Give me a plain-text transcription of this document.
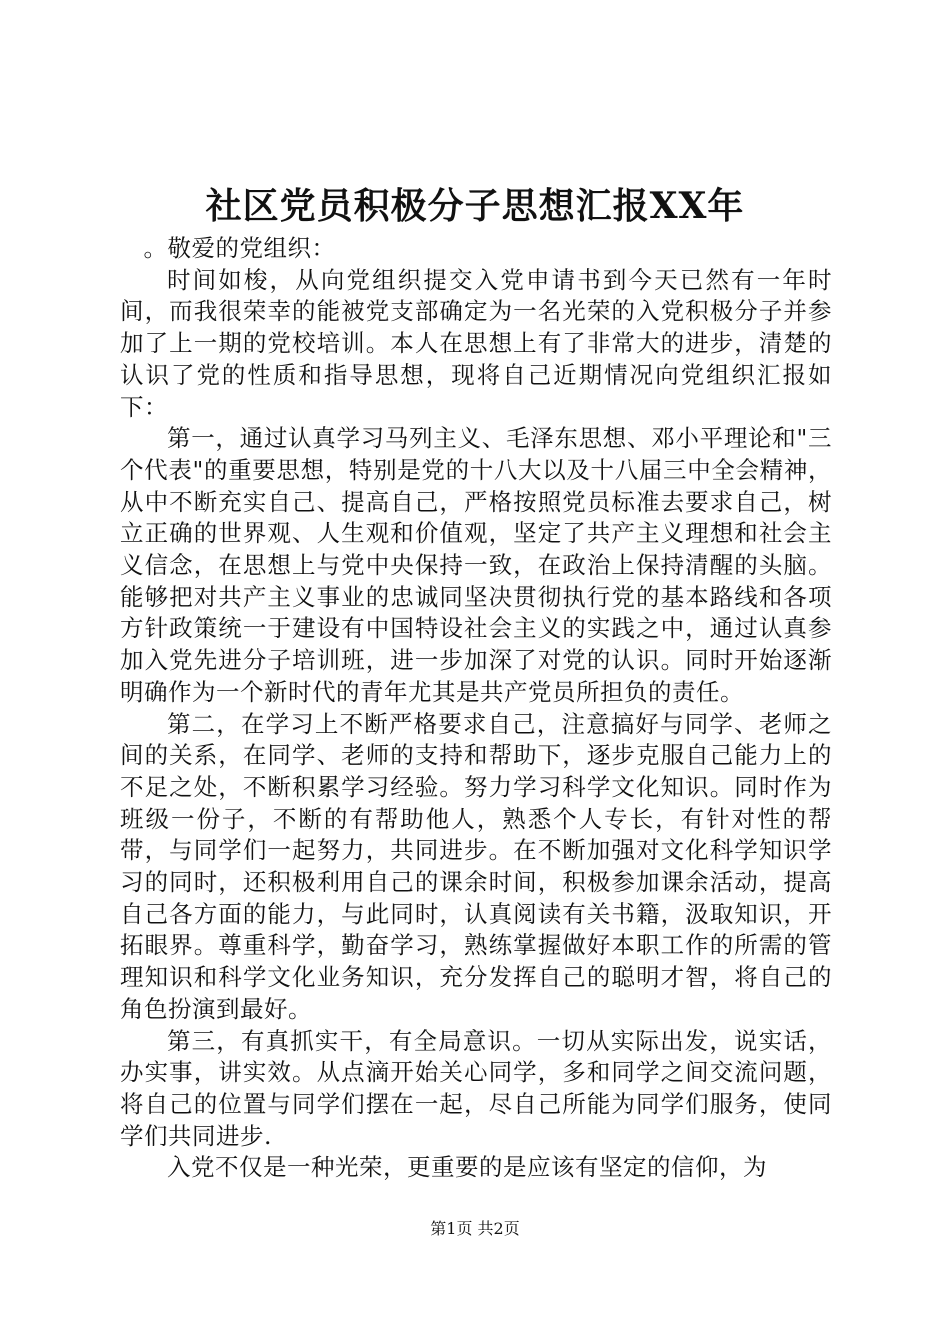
社区党员积极分子思想汇报XX年

。敬爱的党组织：

时间如梭，从向党组织提交入党申请书到今天已然有一年时间，而我很荣幸的能被党支部确定为一名光荣的入党积极分子并参加了上一期的党校培训。本人在思想上有了非常大的进步，清楚的认识了党的性质和指导思想，现将自己近期情况向党组织汇报如下：

第一，通过认真学习马列主义、毛泽东思想、邓小平理论和"三个代表"的重要思想，特别是党的十八大以及十八届三中全会精神，从中不断充实自己、提高自己，严格按照党员标准去要求自己，树立正确的世界观、人生观和价值观，坚定了共产主义理想和社会主义信念，在思想上与党中央保持一致，在政治上保持清醒的头脑。能够把对共产主义事业的忠诚同坚决贯彻执行党的基本路线和各项方针政策统一于建设有中国特设社会主义的实践之中，通过认真参加入党先进分子培训班，进一步加深了对党的认识。同时开始逐渐明确作为一个新时代的青年尤其是共产党员所担负的责任。

第二，在学习上不断严格要求自己，注意搞好与同学、老师之间的关系，在同学、老师的支持和帮助下，逐步克服自己能力上的不足之处，不断积累学习经验。努力学习科学文化知识。同时作为班级一份子，不断的有帮助他人，熟悉个人专长，有针对性的帮带，与同学们一起努力，共同进步。在不断加强对文化科学知识学习的同时，还积极利用自己的课余时间，积极参加课余活动，提高自己各方面的能力，与此同时，认真阅读有关书籍，汲取知识，开拓眼界。尊重科学，勤奋学习，熟练掌握做好本职工作的所需的管理知识和科学文化业务知识，充分发挥自己的聪明才智，将自己的角色扮演到最好。

第三，有真抓实干，有全局意识。一切从实际出发，说实话，办实事，讲实效。从点滴开始关心同学，多和同学之间交流问题，将自己的位置与同学们摆在一起，尽自己所能为同学们服务，使同学们共同进步.

入党不仅是一种光荣，更重要的是应该有坚定的信仰，为

第1页 共2页
